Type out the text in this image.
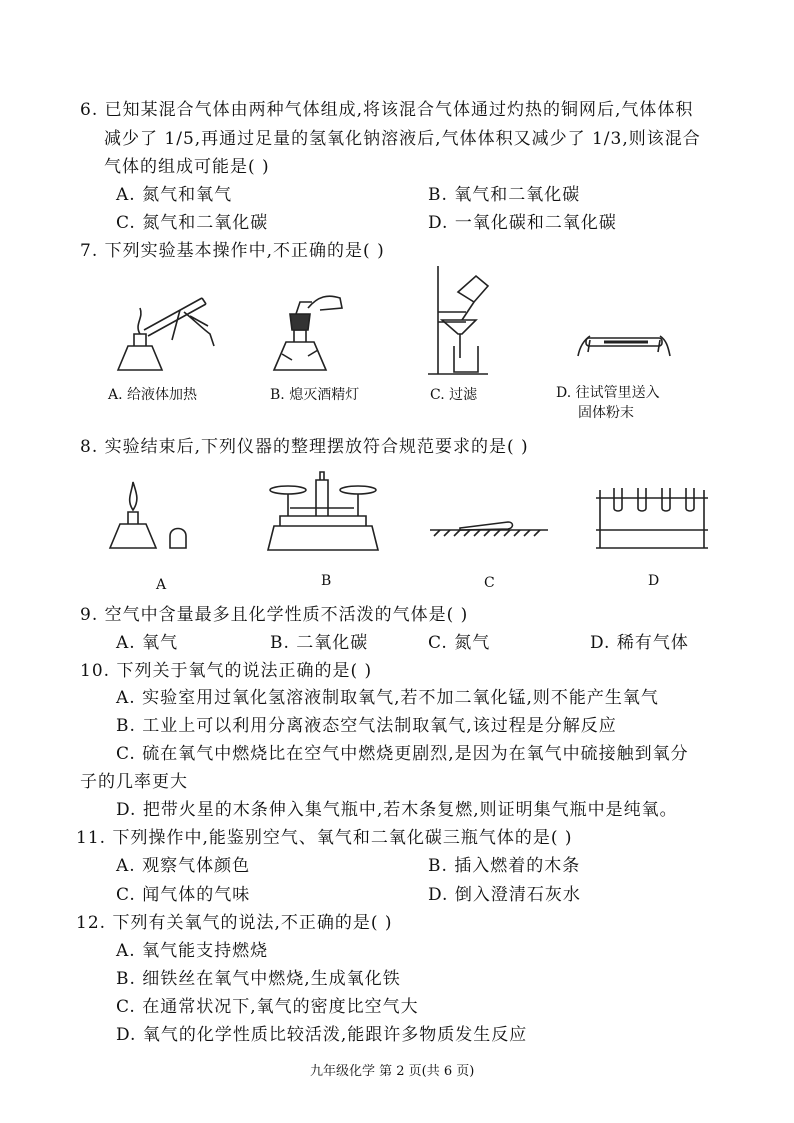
6. 已知某混合气体由两种气体组成,将该混合气体通过灼热的铜网后,气体体积
减少了 1/5,再通过足量的氢氧化钠溶液后,气体体积又减少了 1/3,则该混合
气体的组成可能是( )
A. 氮气和氧气	B. 氧气和二氧化碳
C. 氮气和二氧化碳	D. 一氧化碳和二氧化碳
7. 下列实验基本操作中,不正确的是( )
A. 给液体加热	B. 熄灭酒精灯	C. 过滤	D. 往试管里送入
固体粉末
8. 实验结束后,下列仪器的整理摆放符合规范要求的是( )
A	B	C	D
9. 空气中含量最多且化学性质不活泼的气体是( )
A. 氧气	B. 二氧化碳	C. 氮气	D. 稀有气体
10. 下列关于氧气的说法正确的是( )
A. 实验室用过氧化氢溶液制取氧气,若不加二氧化锰,则不能产生氧气
B. 工业上可以利用分离液态空气法制取氧气,该过程是分解反应
C. 硫在氧气中燃烧比在空气中燃烧更剧烈,是因为在氧气中硫接触到氧分
子的几率更大
D. 把带火星的木条伸入集气瓶中,若木条复燃,则证明集气瓶中是纯氧。
11. 下列操作中,能鉴别空气、氧气和二氧化碳三瓶气体的是( )
A. 观察气体颜色	B. 插入燃着的木条
C. 闻气体的气味	D. 倒入澄清石灰水
12. 下列有关氧气的说法,不正确的是( )
A. 氧气能支持燃烧
B. 细铁丝在氧气中燃烧,生成氧化铁
C. 在通常状况下,氧气的密度比空气大
D. 氧气的化学性质比较活泼,能跟许多物质发生反应
九年级化学 第 2 页(共 6 页)
